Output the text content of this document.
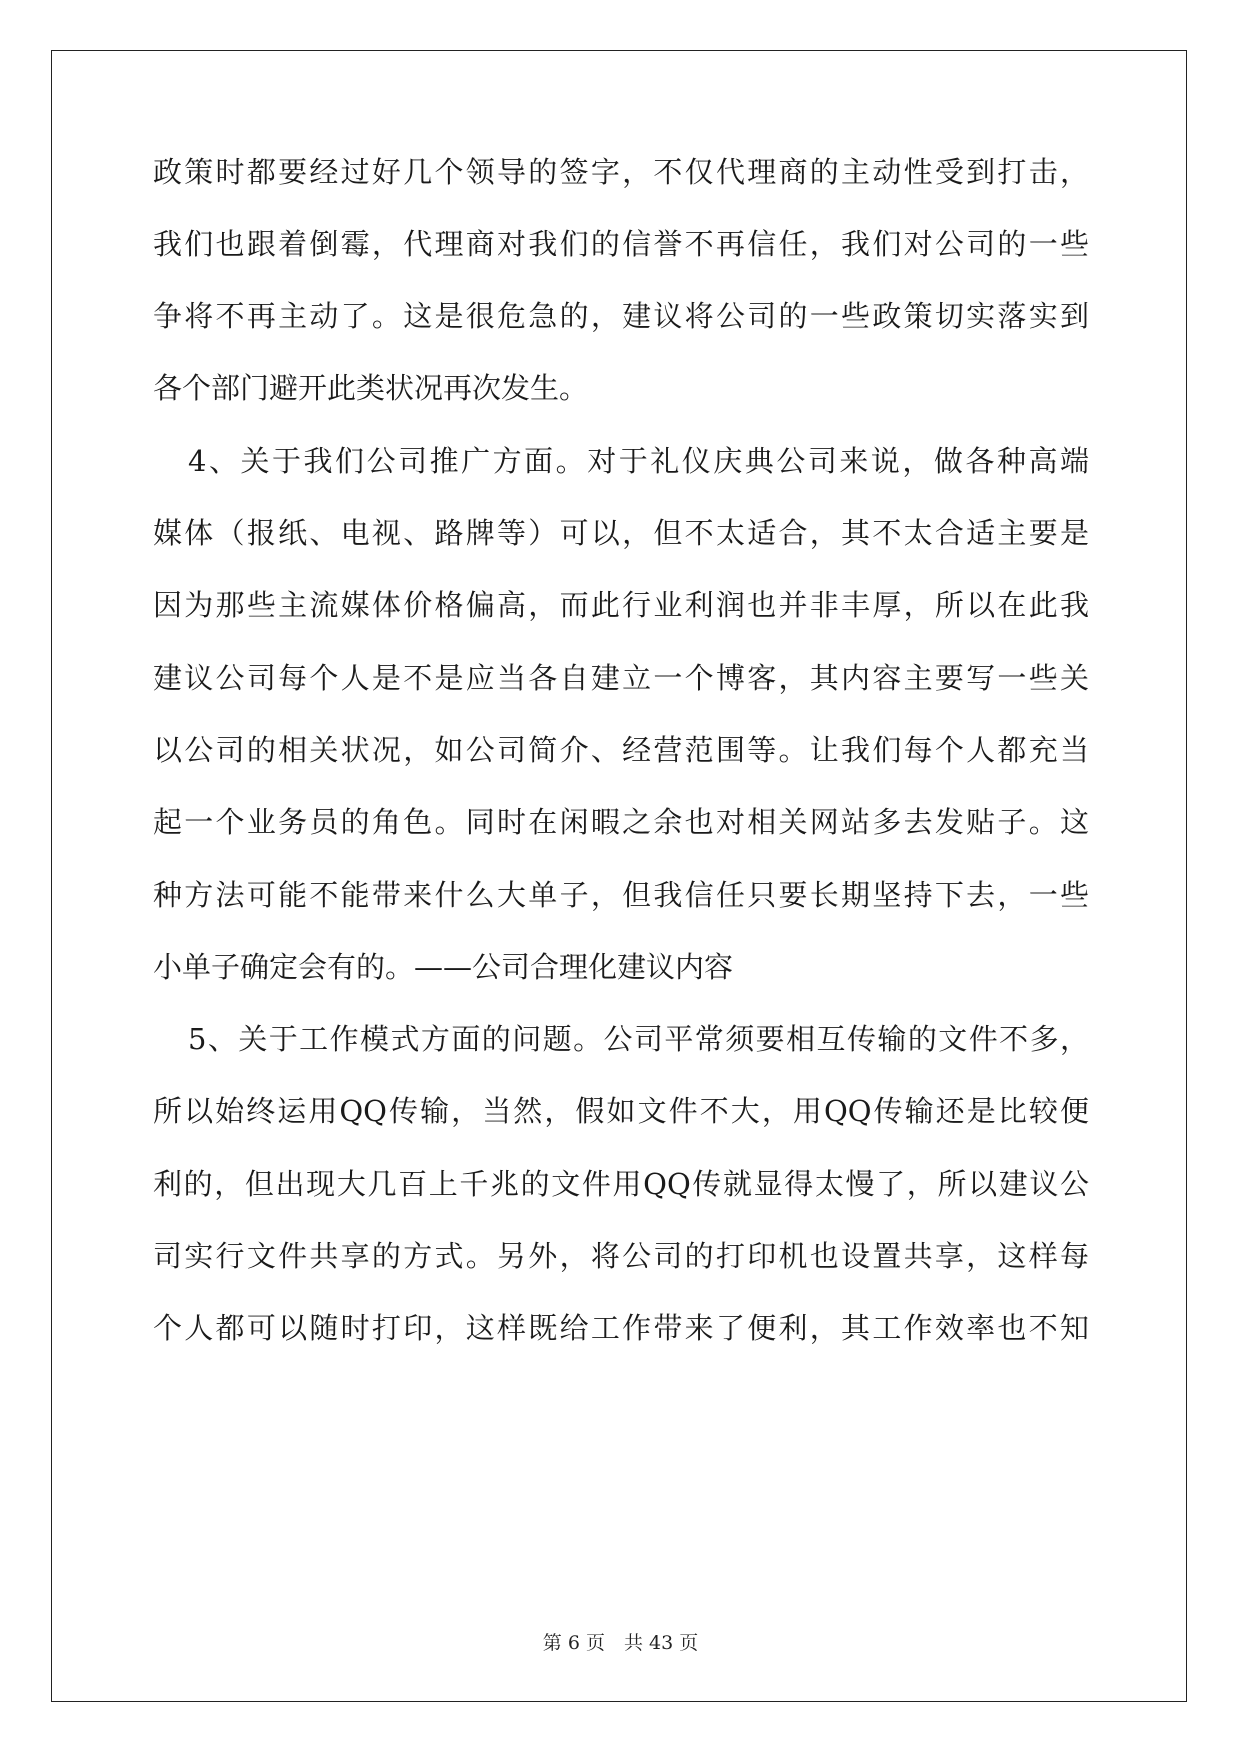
政策时都要经过好几个领导的签字，不仅代理商的主动性受到打击，
我们也跟着倒霉，代理商对我们的信誉不再信任，我们对公司的一些
争将不再主动了。这是很危急的，建议将公司的一些政策切实落实到
各个部门避开此类状况再次发生。
4、关于我们公司推广方面。对于礼仪庆典公司来说，做各种高端
媒体（报纸、电视、路牌等）可以，但不太适合，其不太合适主要是
因为那些主流媒体价格偏高，而此行业利润也并非丰厚，所以在此我
建议公司每个人是不是应当各自建立一个博客，其内容主要写一些关
以公司的相关状况，如公司简介、经营范围等。让我们每个人都充当
起一个业务员的角色。同时在闲暇之余也对相关网站多去发贴子。这
种方法可能不能带来什么大单子，但我信任只要长期坚持下去，一些
小单子确定会有的。——公司合理化建议内容
5、关于工作模式方面的问题。公司平常须要相互传输的文件不多，
所以始终运用QQ传输，当然，假如文件不大，用QQ传输还是比较便
利的，但出现大几百上千兆的文件用QQ传就显得太慢了，所以建议公
司实行文件共享的方式。另外，将公司的打印机也设置共享，这样每
个人都可以随时打印，这样既给工作带来了便利，其工作效率也不知
第 6 页　共 43 页
